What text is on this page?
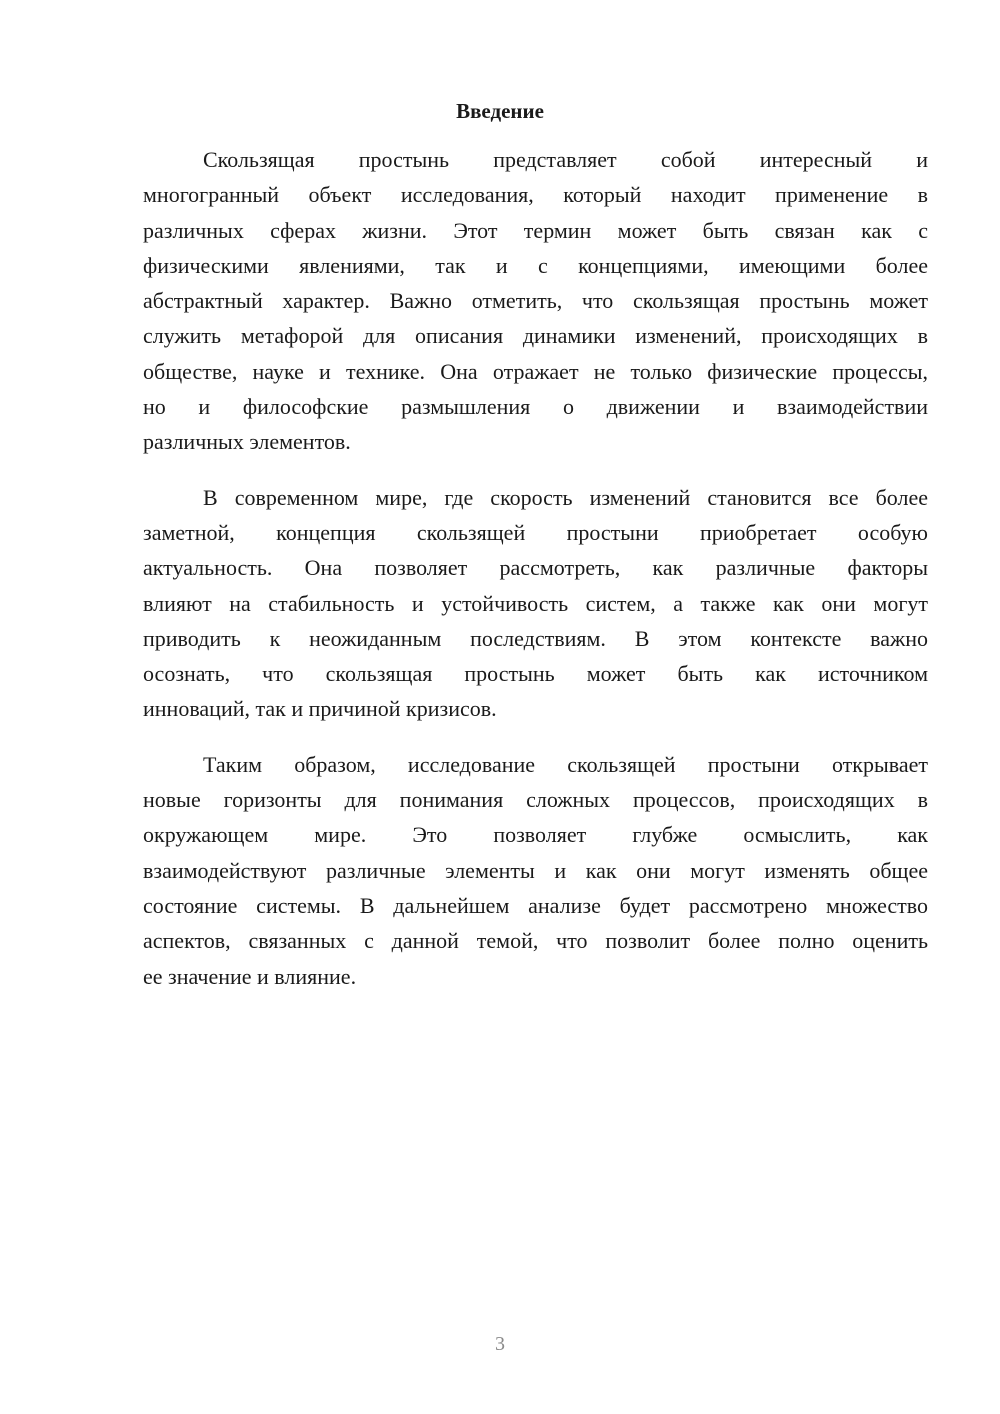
Введение
Скользящая простынь представляет собой интересный и
многогранный объект исследования, который находит применение в
различных сферах жизни. Этот термин может быть связан как с
физическими явлениями, так и с концепциями, имеющими более
абстрактный характер. Важно отметить, что скользящая простынь может
служить метафорой для описания динамики изменений, происходящих в
обществе, науке и технике. Она отражает не только физические процессы,
но и философские размышления о движении и взаимодействии
различных элементов.
В современном мире, где скорость изменений становится все более
заметной, концепция скользящей простыни приобретает особую
актуальность. Она позволяет рассмотреть, как различные факторы
влияют на стабильность и устойчивость систем, а также как они могут
приводить к неожиданным последствиям. В этом контексте важно
осознать, что скользящая простынь может быть как источником
инноваций, так и причиной кризисов.
Таким образом, исследование скользящей простыни открывает
новые горизонты для понимания сложных процессов, происходящих в
окружающем мире. Это позволяет глубже осмыслить, как
взаимодействуют различные элементы и как они могут изменять общее
состояние системы. В дальнейшем анализе будет рассмотрено множество
аспектов, связанных с данной темой, что позволит более полно оценить
ее значение и влияние.
3
